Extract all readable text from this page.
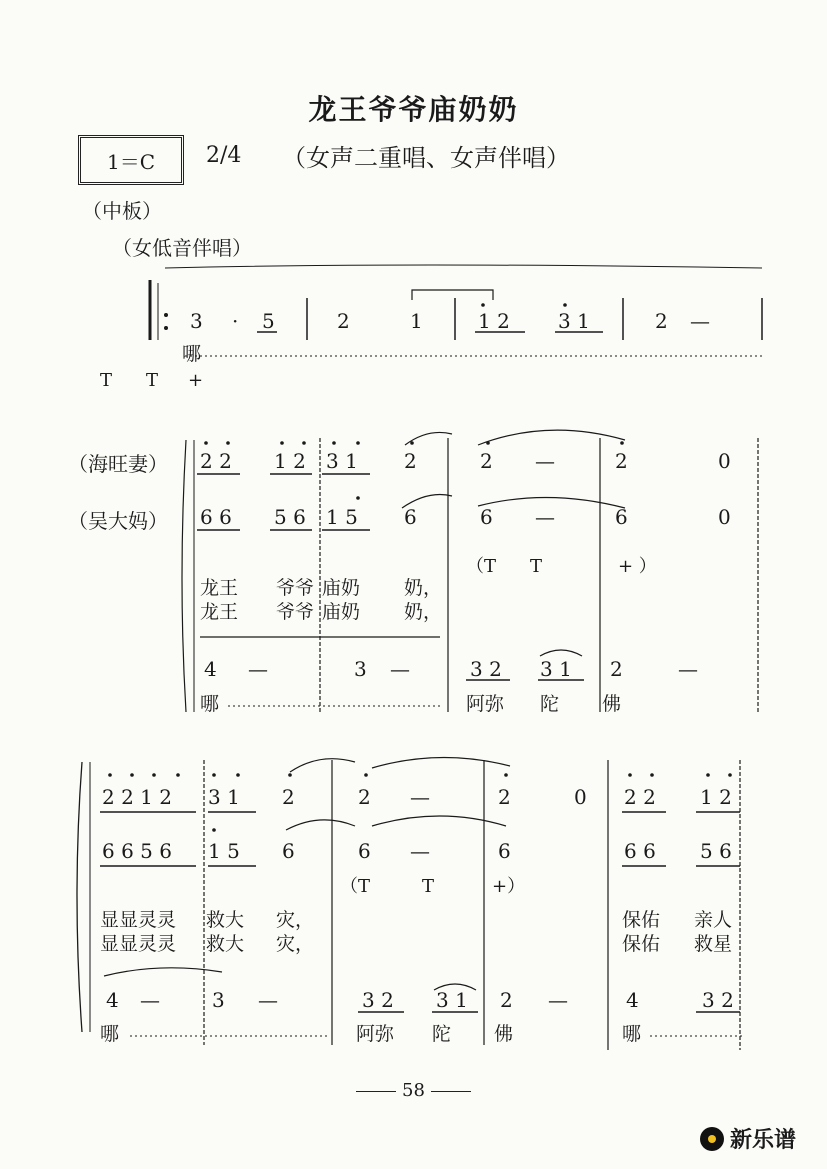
龙王爷爷庙奶奶
1＝C	2/4 （女声二重唱、女声伴唱）
（中板）
（女低音伴唱）
（海旺妻）
（吴大妈）
3 · 5	2	1	1 2 3 1	2 —
哪
T T +
2 2 1 2 3 1 2	2 —	2	0
6 6 5 6 1 5 6	6 —	6	0
（T T	+ ）
龙王 爷爷 庙奶 奶，
龙王 爷爷 庙奶 奶，
4 —	3 —	3 2 3 1 2	—
哪	阿弥 陀 佛
2 2 1 2 3 1 2	2 —	2	0 2 2 1 2
6 6 5 6 1 5 6	6 —	6	6 6 5 6
（T	T	+）
显显灵灵 救大 灾，	保佑 亲人
显显灵灵 救大 灾，	保佑 救星
4 —	3 —	3 2 3 1 2 —	4	3 2
哪	阿弥 陀 佛	哪
58
新乐谱
